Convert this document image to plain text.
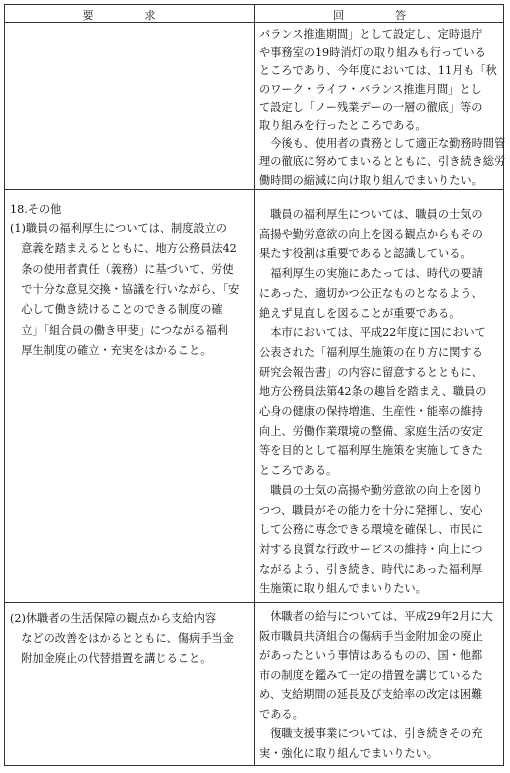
要　求	回　答
バランス推進期間」として設定し、定時退庁
や事務室の19時消灯の取り組みも行っている
ところであり、今年度においては、11月も「秋
のワーク・ライフ・バランス推進月間」とし
て設定し「ノー残業デーの一層の徹底」等の
取り組みを行ったところである。
　今後も、使用者の責務として適正な勤務時間管
理の徹底に努めてまいるとともに、引き続き総労
働時間の縮減に向け取り組んでまいりたい。
18.その他
(1)職員の福利厚生については、制度設立の
　意義を踏まえるとともに、地方公務員法42
　条の使用者責任（義務）に基づいて、労使
　で十分な意見交換・協議を行いながら、「安
　心して働き続けることのできる制度の確
　立」「組合員の働き甲斐」につながる福利
　厚生制度の確立・充実をはかること。
　職員の福利厚生については、職員の士気の
高揚や勤労意欲の向上を図る観点からもその
果たす役割は重要であると認識している。
　福利厚生の実施にあたっては、時代の要請
にあった、適切かつ公正なものとなるよう、
絶えず見直しを図ることが重要である。
　本市においては、平成22年度に国において
公表された「福利厚生施策の在り方に関する
研究会報告書」の内容に留意するとともに、
地方公務員法第42条の趣旨を踏まえ、職員の
心身の健康の保持増進、生産性・能率の維持
向上、労働作業環境の整備、家庭生活の安定
等を目的として福利厚生施策を実施してきた
ところである。
　職員の士気の高揚や勤労意欲の向上を図り
つつ、職員がその能力を十分に発揮し、安心
して公務に専念できる環境を確保し、市民に
対する良質な行政サービスの維持・向上につ
ながるよう、引き続き、時代にあった福利厚
生施策に取り組んでまいりたい。
(2)休職者の生活保障の観点から支給内容
　などの改善をはかるとともに、傷病手当金
　附加金廃止の代替措置を講じること。
　休職者の給与については、平成29年2月に大
阪市職員共済組合の傷病手当金附加金の廃止
があったという事情はあるものの、国・他都
市の制度を鑑みて一定の措置を講じているた
め、支給期間の延長及び支給率の改定は困難
である。
　復職支援事業については、引き続きその充
実・強化に取り組んでまいりたい。
